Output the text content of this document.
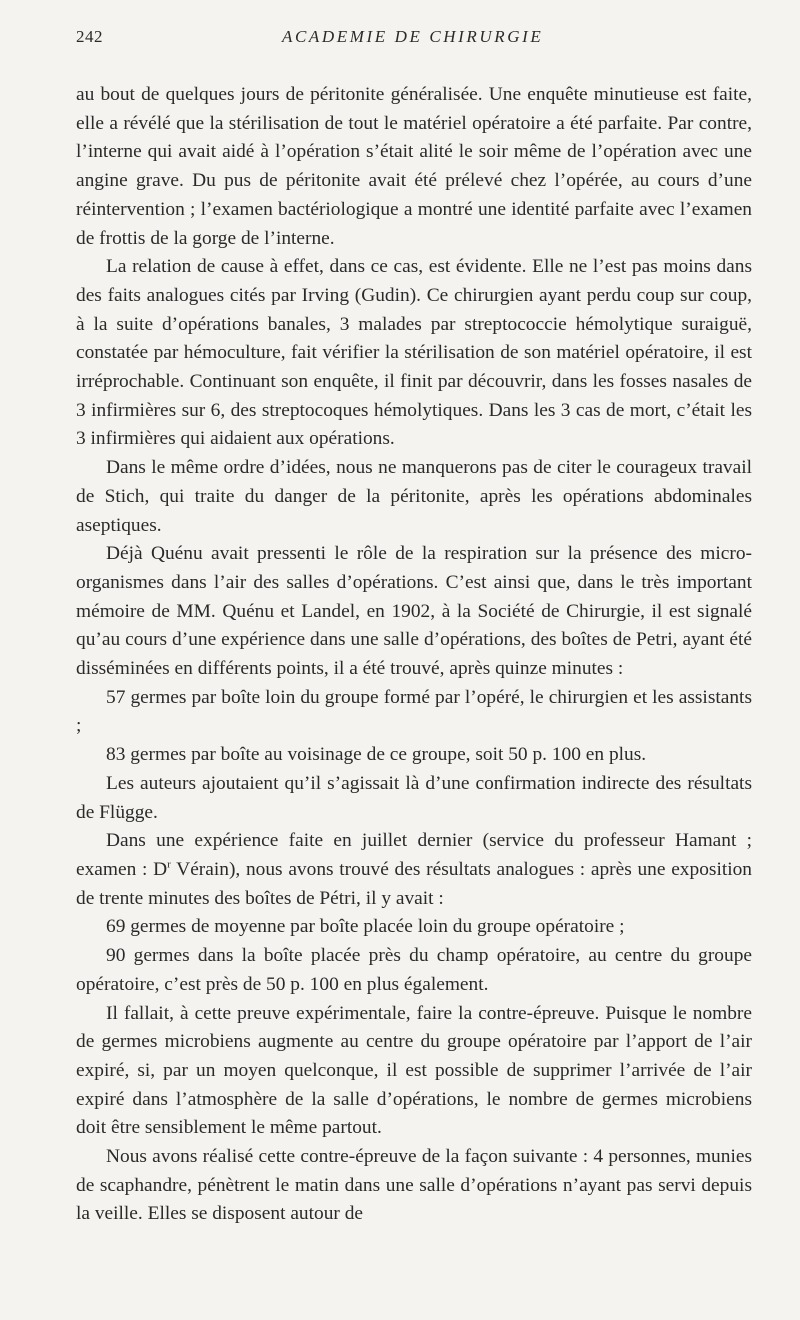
242	ACADEMIE DE CHIRURGIE

au bout de quelques jours de péritonite généralisée. Une enquête minutieuse est faite, elle a révélé que la stérilisation de tout le matériel opératoire a été parfaite. Par contre, l’interne qui avait aidé à l’opération s’était alité le soir même de l’opération avec une angine grave. Du pus de péritonite avait été prélevé chez l’opérée, au cours d’une réintervention ; l’examen bactériologique a montré une identité parfaite avec l’examen de frottis de la gorge de l’interne.

La relation de cause à effet, dans ce cas, est évidente. Elle ne l’est pas moins dans des faits analogues cités par Irving (Gudin). Ce chirurgien ayant perdu coup sur coup, à la suite d’opérations banales, 3 malades par streptococcie hémolytique suraiguë, constatée par hémoculture, fait vérifier la stérilisation de son matériel opératoire, il est irréprochable. Continuant son enquête, il finit par découvrir, dans les fosses nasales de 3 infirmières sur 6, des streptocoques hémolytiques. Dans les 3 cas de mort, c’était les 3 infirmières qui aidaient aux opérations.

Dans le même ordre d’idées, nous ne manquerons pas de citer le courageux travail de Stich, qui traite du danger de la péritonite, après les opérations abdominales aseptiques.

Déjà Quénu avait pressenti le rôle de la respiration sur la présence des micro-organismes dans l’air des salles d’opérations. C’est ainsi que, dans le très important mémoire de MM. Quénu et Landel, en 1902, à la Société de Chirurgie, il est signalé qu’au cours d’une expérience dans une salle d’opérations, des boîtes de Petri, ayant été disséminées en différents points, il a été trouvé, après quinze minutes :

57 germes par boîte loin du groupe formé par l’opéré, le chirurgien et les assistants ;

83 germes par boîte au voisinage de ce groupe, soit 50 p. 100 en plus.

Les auteurs ajoutaient qu’il s’agissait là d’une confirmation indirecte des résultats de Flügge.

Dans une expérience faite en juillet dernier (service du professeur Hamant ; examen : $D^r$ Vérain), nous avons trouvé des résultats analogues : après une exposition de trente minutes des boîtes de Pétri, il y avait :

69 germes de moyenne par boîte placée loin du groupe opératoire ;

90 germes dans la boîte placée près du champ opératoire, au centre du groupe opératoire, c’est près de 50 p. 100 en plus également.

Il fallait, à cette preuve expérimentale, faire la contre-épreuve. Puisque le nombre de germes microbiens augmente au centre du groupe opératoire par l’apport de l’air expiré, si, par un moyen quelconque, il est possible de supprimer l’arrivée de l’air expiré dans l’atmosphère de la salle d’opérations, le nombre de germes microbiens doit être sensiblement le même partout.

Nous avons réalisé cette contre-épreuve de la façon suivante : 4 personnes, munies de scaphandre, pénètrent le matin dans une salle d’opérations n’ayant pas servi depuis la veille. Elles se disposent autour de
